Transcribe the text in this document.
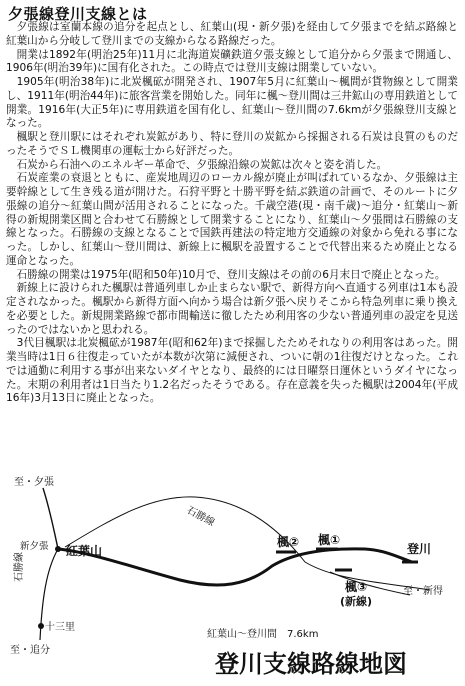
夕張線登川支線とは

夕張線は室蘭本線の追分を起点とし、紅葉山(現・新夕張)を経由して夕張までを結ぶ路線と紅葉山から分岐して登川までの支線からなる路線だった。

開業は1892年(明治25年)11月に北海道炭礦鉄道夕張支線として追分から夕張まで開通し、1906年(明治39年)に国有化された。この時点では登川支線は開業していない。

1905年(明治38年)に北炭楓砿が開発され、1907年5月に紅葉山～楓間が貨物線として開業し、1911年(明治44年)に旅客営業を開始した。同年に楓～登川間は三井鉱山の専用鉄道として開業。1916年(大正5年)に専用鉄道を国有化し、紅葉山～登川間の7.6kmが夕張線登川支線となった。

楓駅と登川駅にはそれぞれ炭鉱があり、特に登川の炭鉱から採掘される石炭は良質のものだったそうでＳＬ機関車の運転士から好評だった。

石炭から石油へのエネルギー革命で、夕張線沿線の炭鉱は次々と姿を消した。

石炭産業の衰退とともに、産炭地周辺のローカル線が廃止が叫ばれているなか、夕張線は主要幹線として生き残る道が開けた。石狩平野と十勝平野を結ぶ鉄道の計画で、そのルートに夕張線の追分～紅葉山間が活用されることになった。千歳空港(現・南千歳)～追分・紅葉山～新得の新規開業区間と合わせて石勝線として開業することになり、紅葉山～夕張間は石勝線の支線となった。石勝線の支線となることで国鉄再建法の特定地方交通線の対象から免れる事になった。しかし、紅葉山～登川間は、新線上に楓駅を設置することで代替出来るため廃止となる運命となった。

石勝線の開業は1975年(昭和50年)10月で、登川支線はその前の6月末日で廃止となった。

新線上に設けられた楓駅は普通列車しか止まらない駅で、新得方向へ直通する列車は1本も設定されなかった。楓駅から新得方面へ向かう場合は新夕張へ戻りそこから特急列車に乗り換えを必要とした。新規開業路線で都市間輸送に徹したため利用客の少ない普通列車の設定を見送ったのではないかと思われる。

3代目楓駅は北炭楓砿が1987年(昭和62年)まで採掘したためそれなりの利用客はあった。開業当時は1日６往復走っていたが本数が次第に減便され、ついに朝の1往復だけとなった。これでは通勤に利用する事が出来ないダイヤとなり、最終的には日曜祭日運休というダイヤになった。末期の利用者は1日当たり1.2名だったそうである。存在意義を失った楓駅は2004年(平成16年)3月13日に廃止となった。

至・夕張
石勝線
石勝線
新夕張 紅葉山
楓② 楓①
登川
楓③
(新線)
至・新得
十三里
至・追分
紅葉山～登川間　7.6km
登川支線路線地図
